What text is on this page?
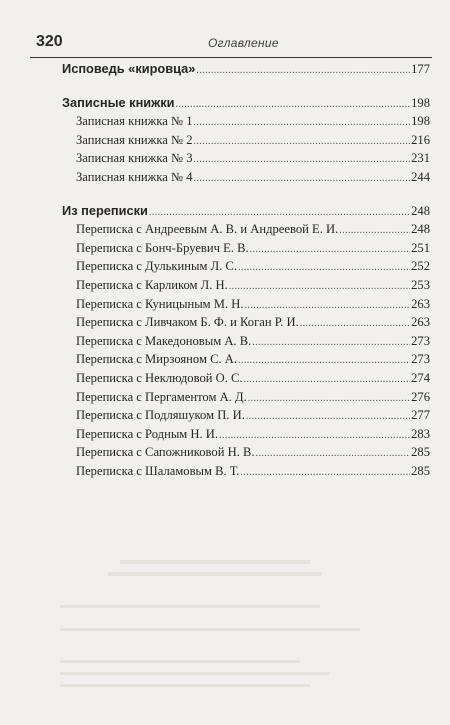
320	Оглавление
Исповедь «кировца» .....	177
Записные книжки .....	198
Записная книжка № 1 .....	198
Записная книжка № 2 .....	216
Записная книжка № 3 .....	231
Записная книжка № 4 .....	244
Из переписки .....	248
Переписка с Андреевым А. В. и Андреевой Е. И. .....	248
Переписка с Бонч-Бруевич Е. В. .....	251
Переписка с Дулькиным Л. С. .....	252
Переписка с Карликом Л. Н. .....	253
Переписка с Куницыным М. Н. .....	263
Переписка с Ливчаком Б. Ф. и Коган Р. И. .....	263
Переписка с Македоновым А. В. .....	273
Переписка с Мирзояном С. А. .....	273
Переписка с Неклюдовой О. С. .....	274
Переписка с Пергаментом А. Д. .....	276
Переписка с Подляшуком П. И. .....	277
Переписка с Родным Н. И. .....	283
Переписка с Сапожниковой Н. В. .....	285
Переписка с Шаламовым В. Т. .....	285
